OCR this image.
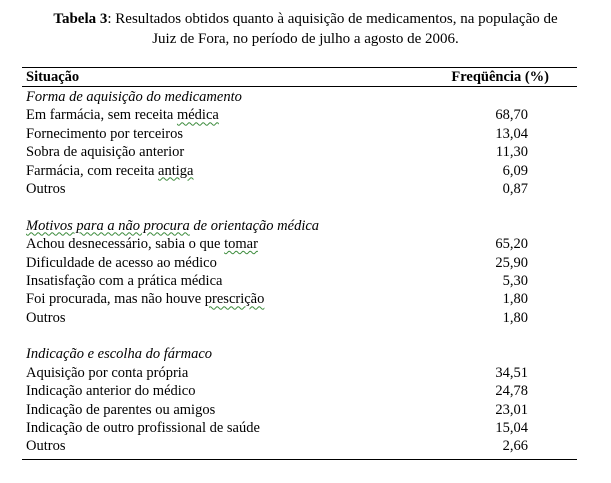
Tabela 3: Resultados obtidos quanto à aquisição de medicamentos, na população de
Juiz de Fora, no período de julho a agosto de 2006.
Situação	Freqüência (%)
Forma de aquisição do medicamento
Em farmácia, sem receita médica	68,70
Fornecimento por terceiros	13,04
Sobra de aquisição anterior	11,30
Farmácia, com receita antiga	6,09
Outros	0,87
Motivos para a não procura de orientação médica
Achou desnecessário, sabia o que tomar	65,20
Dificuldade de acesso ao médico	25,90
Insatisfação com a prática médica	5,30
Foi procurada, mas não houve prescrição	1,80
Outros	1,80
Indicação e escolha do fármaco
Aquisição por conta própria	34,51
Indicação anterior do médico	24,78
Indicação de parentes ou amigos	23,01
Indicação de outro profissional de saúde	15,04
Outros	2,66
